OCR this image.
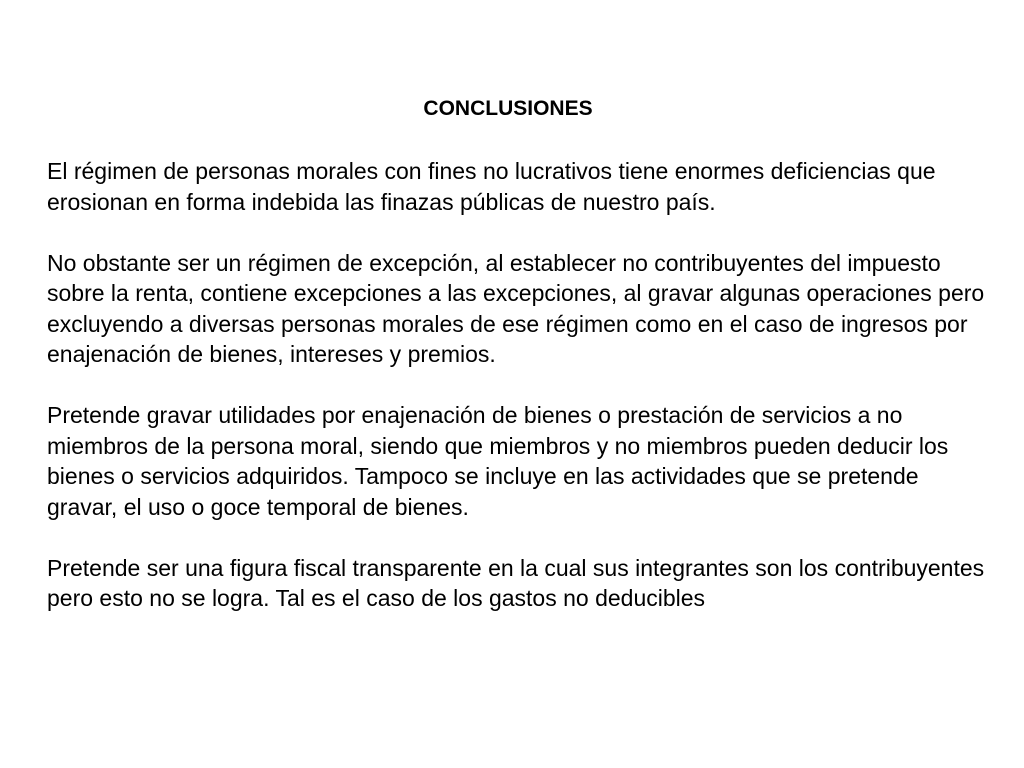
CONCLUSIONES

El régimen de personas morales con fines no lucrativos tiene enormes deficiencias que erosionan en forma indebida las finazas públicas de nuestro país.

No obstante ser un régimen de excepción, al establecer no contribuyentes del impuesto sobre la renta, contiene excepciones a las excepciones, al gravar algunas operaciones pero excluyendo a diversas personas morales de ese régimen como en el caso de ingresos por enajenación de bienes, intereses y premios.

Pretende gravar utilidades por enajenación de bienes o prestación de servicios a no miembros de la persona moral, siendo que miembros y no miembros pueden deducir los bienes o servicios adquiridos. Tampoco se incluye en las actividades que se pretende gravar, el uso o goce temporal de bienes.

Pretende ser una figura fiscal transparente en la cual sus integrantes son los contribuyentes pero esto no se logra. Tal es el caso de los gastos no deducibles
